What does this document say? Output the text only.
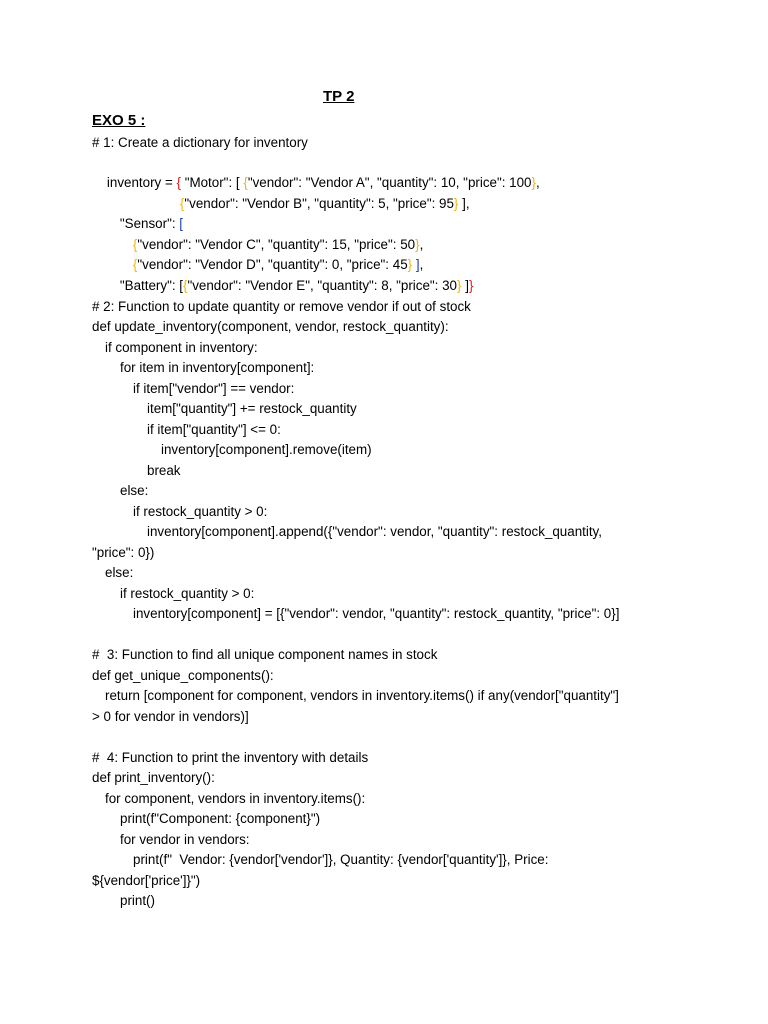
TP 2
EXO 5 :
# 1: Create a dictionary for inventory

inventory = { "Motor": [ {"vendor": "Vendor A", "quantity": 10, "price": 100},

{"vendor": "Vendor B", "quantity": 5, "price": 95} ],

"Sensor": [

{"vendor": "Vendor C", "quantity": 15, "price": 50},

{"vendor": "Vendor D", "quantity": 0, "price": 45} ],

"Battery": [{"vendor": "Vendor E", "quantity": 8, "price": 30} ]}

# 2: Function to update quantity or remove vendor if out of stock
def update_inventory(component, vendor, restock_quantity):
if component in inventory:
for item in inventory[component]:
if item["vendor"] == vendor:
item["quantity"] += restock_quantity
if item["quantity"] <= 0:
inventory[component].remove(item)
break
else:
if restock_quantity > 0:
inventory[component].append({"vendor": vendor, "quantity": restock_quantity,
"price": 0})
else:
if restock_quantity > 0:
inventory[component] = [{"vendor": vendor, "quantity": restock_quantity, "price": 0}]
#  3: Function to find all unique component names in stock
def get_unique_components():
return [component for component, vendors in inventory.items() if any(vendor["quantity"]
> 0 for vendor in vendors)]
#  4: Function to print the inventory with details
def print_inventory():
for component, vendors in inventory.items():
print(f"Component: {component}")
for vendor in vendors:
print(f"  Vendor: {vendor['vendor']}, Quantity: {vendor['quantity']}, Price:
${vendor['price']}")
print()
